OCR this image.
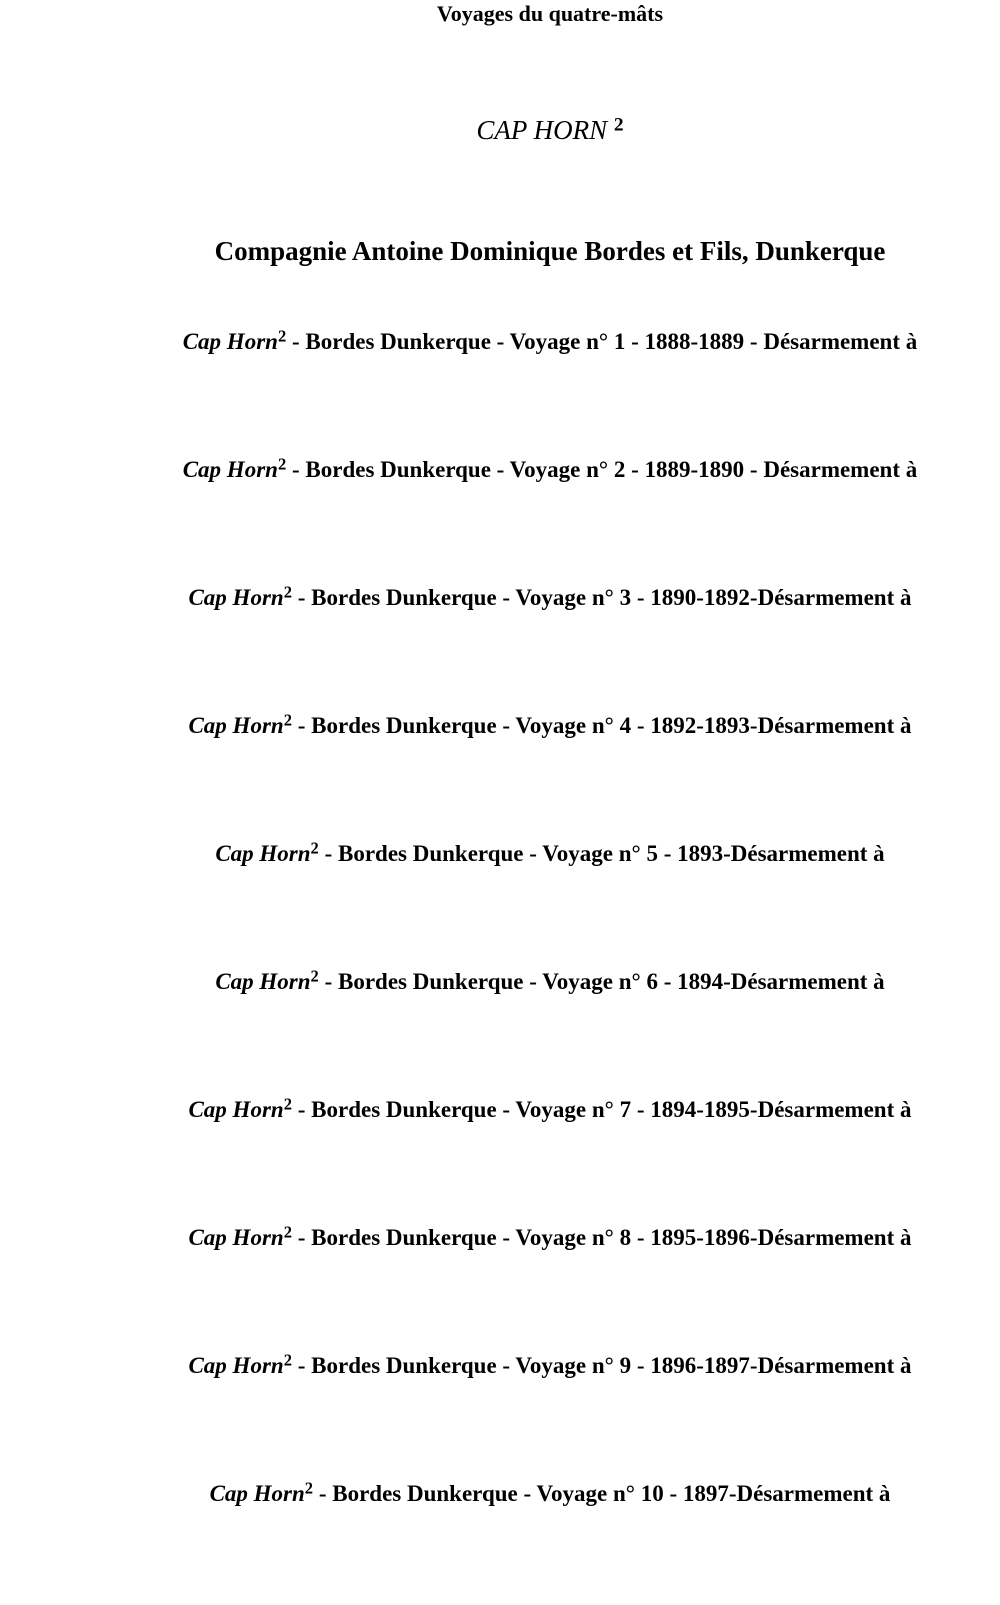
Voyages du quatre-mâts
CAP HORN $^2$
Compagnie Antoine Dominique Bordes et Fils, Dunkerque
Cap Horn$^2$ - Bordes Dunkerque - Voyage n° 1 - 1888-1889 - Désarmement à
Cap Horn$^2$ - Bordes Dunkerque - Voyage n° 2 - 1889-1890 - Désarmement à
Cap Horn$^2$ - Bordes Dunkerque - Voyage n° 3 - 1890-1892-Désarmement à
Cap Horn$^2$ - Bordes Dunkerque - Voyage n° 4 - 1892-1893-Désarmement à
Cap Horn$^2$ - Bordes Dunkerque - Voyage n° 5 - 1893-Désarmement à
Cap Horn$^2$ - Bordes Dunkerque - Voyage n° 6 - 1894-Désarmement à
Cap Horn$^2$ - Bordes Dunkerque - Voyage n° 7 - 1894-1895-Désarmement à
Cap Horn$^2$ - Bordes Dunkerque - Voyage n° 8 - 1895-1896-Désarmement à
Cap Horn$^2$ - Bordes Dunkerque - Voyage n° 9 - 1896-1897-Désarmement à
Cap Horn$^2$ - Bordes Dunkerque - Voyage n° 10 - 1897-Désarmement à
